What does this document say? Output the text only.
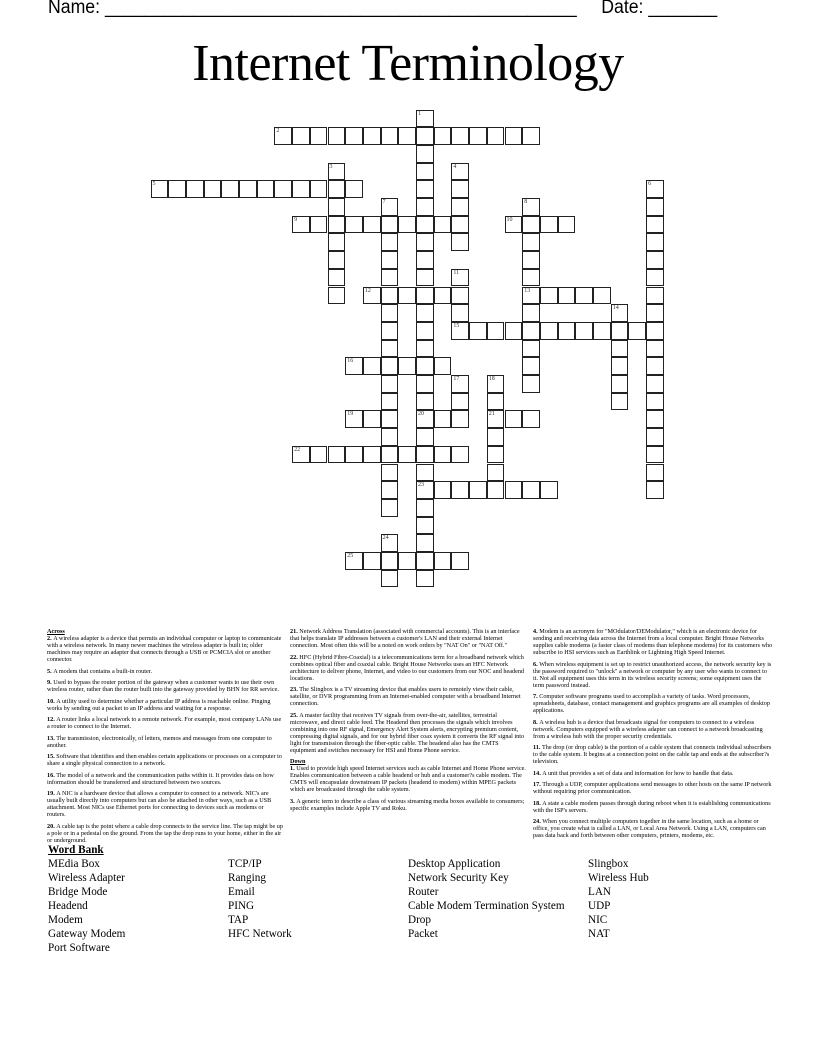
Name: ________________________________________________ Date: _______
Internet Terminology
1
20
23
2
3	4
5	6
7	8
13
9	10
11
15
12
14
16
17	18
21
19
22
24
25

Across

2. A wireless adapter is a device that permits an individual computer or laptop to communicate with a wireless network. In many newer machines the wireless adapter is built in; older machines may require an adapter that connects through a USB or PCMCIA slot or another connector.

5. A modem that contains a built-in router.

9. Used to bypass the router portion of the gateway when a customer wants to use their own wireless router, rather than the router built into the gateway provided by BHN for RR service.

10. A utility used to determine whether a particular IP address is reachable online. Pinging works by sending out a packet to an IP address and waiting for a response.

12. A router links a local network to a remote network. For example, most company LANs use a router to connect to the Internet.

13. The transmission, electronically, of letters, memos and messages from one computer to another.

15. Software that identifies and then enables certain applications or processes on a computer to share a single physical connection to a network.

16. The model of a network and the communication paths within it. It provides data on how information should be transferred and structured between two sources.

19. A NIC is a hardware device that allows a computer to connect to a network. NIC's are usually built directly into computers but can also be attached in other ways, such as a USB attachment. Most NICs use Ethernet ports for connecting to devices such as modems or routers.

20. A cable tap is the point where a cable drop connects to the service line. The tap might be up a pole or in a pedestal on the ground. From the tap the drop runs to your home, either in the air or underground.

21. Network Address Translation (associated with commercial accounts). This is an interface that helps translate IP addresses between a customer's LAN and their external Internet connection. Most often this will be a noted on work orders by "NAT On" or "NAT Off."

22. HFC (Hybrid Fibre-Coaxial) is a telecommunications term for a broadband network which combines optical fiber and coaxial cable. Bright House Networks uses an HFC Network architecture to deliver phone, Internet, and video to our customers from our NOC and headend locations.

23. The Slingbox is a TV streaming device that enables users to remotely view their cable, satellite, or DVR programming from an Internet-enabled computer with a broadband Internet connection.

25. A master facility that receives TV signals from over-the-air, satellites, terrestrial microwave, and direct cable feed. The Headend then processes the signals which involves combining into one RF signal, Emergency Alert System alerts, encrypting premium content, compressing digital signals, and for our hybrid fiber coax system it converts the RF signal into light for transmission through the fiber-optic cable. The headend also has the CMTS equipment and switches necessary for HSI and Home Phone service.

Down

1. Used to provide high speed Internet services such as cable Internet and Home Phone service. Enables communication between a cable headend or hub and a customer?s cable modem. The CMTS will encapsulate downstream IP packets (headend to modem) within MPEG packets which are broadcasted through the cable system.

3. A generic term to describe a class of various streaming media boxes available to consumers; specific examples include Apple TV and Roku.

4. Modem is an acronym for "MOdulator/DEModulator," which is an electronic device for sending and receiving data across the Internet from a local computer. Bright House Networks supplies cable modems (a faster class of modems than telephone modems) for its customers who subscribe to HSI services such as Earthlink or Lightning High Speed Internet.

6. When wireless equipment is set up to restrict unauthorized access, the network security key is the password required to "unlock" a network or computer by any user who wants to connect to it. Not all equipment uses this term in its wireless security screens; some equipment uses the term password instead.

7. Computer software programs used to accomplish a variety of tasks. Word processors, spreadsheets, database, contact management and graphics programs are all examples of desktop applications.

8. A wireless hub is a device that broadcasts signal for computers to connect to a wireless network. Computers equipped with a wireless adapter can connect to a network broadcasting from a wireless hub with the proper security credentials.

11. The drop (or drop cable) is the portion of a cable system that connects individual subscribers to the cable system. It begins at a connection point on the cable tap and ends at the subscriber?s television.

14. A unit that provides a set of data and information for how to handle that data.

17. Through a UDP, computer applications send messages to other hosts on the same IP network without requiring prior communication.

18. A state a cable modem passes through during reboot when it is establishing communications with the ISP's servers.

24. When you connect multiple computers together in the same location, such as a home or office, you create what is called a LAN, or Local Area Network. Using a LAN, computers can pass data back and forth between other computers, printers, modems, etc.

Word Bank
MEdia Box
Wireless Adapter
Bridge Mode
Headend
Modem
Gateway Modem
Port Software
TCP/IP
Ranging
Email
PING
TAP
HFC Network
Desktop Application
Network Security Key
Router
Cable Modem Termination System
Drop
Packet
Slingbox
Wireless Hub
LAN
UDP
NIC
NAT
